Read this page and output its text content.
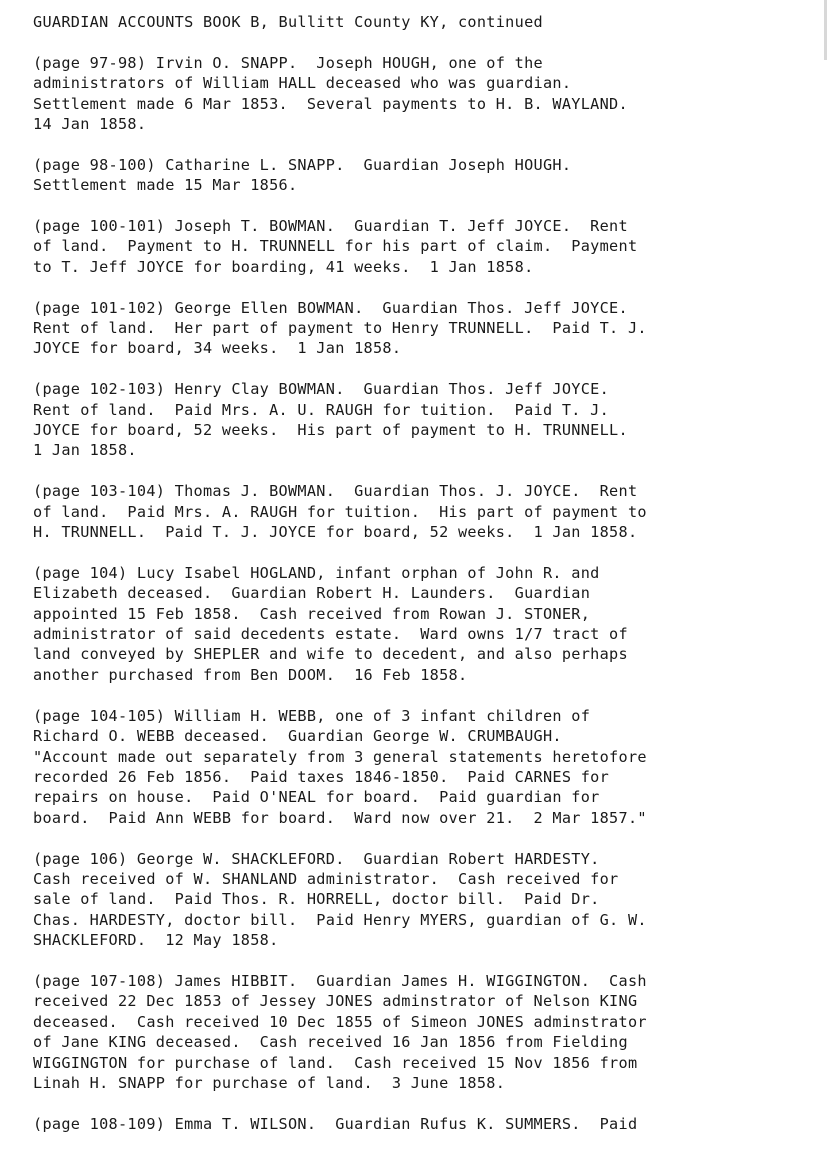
GUARDIAN ACCOUNTS BOOK B, Bullitt County KY, continued
(page 97-98) Irvin O. SNAPP.  Joseph HOUGH, one of the
administrators of William HALL deceased who was guardian.
Settlement made 6 Mar 1853.  Several payments to H. B. WAYLAND.
14 Jan 1858.
(page 98-100) Catharine L. SNAPP.  Guardian Joseph HOUGH.
Settlement made 15 Mar 1856.
(page 100-101) Joseph T. BOWMAN.  Guardian T. Jeff JOYCE.  Rent
of land.  Payment to H. TRUNNELL for his part of claim.  Payment
to T. Jeff JOYCE for boarding, 41 weeks.  1 Jan 1858.
(page 101-102) George Ellen BOWMAN.  Guardian Thos. Jeff JOYCE.
Rent of land.  Her part of payment to Henry TRUNNELL.  Paid T. J.
JOYCE for board, 34 weeks.  1 Jan 1858.
(page 102-103) Henry Clay BOWMAN.  Guardian Thos. Jeff JOYCE.
Rent of land.  Paid Mrs. A. U. RAUGH for tuition.  Paid T. J.
JOYCE for board, 52 weeks.  His part of payment to H. TRUNNELL.
1 Jan 1858.
(page 103-104) Thomas J. BOWMAN.  Guardian Thos. J. JOYCE.  Rent
of land.  Paid Mrs. A. RAUGH for tuition.  His part of payment to
H. TRUNNELL.  Paid T. J. JOYCE for board, 52 weeks.  1 Jan 1858.
(page 104) Lucy Isabel HOGLAND, infant orphan of John R. and
Elizabeth deceased.  Guardian Robert H. Launders.  Guardian
appointed 15 Feb 1858.  Cash received from Rowan J. STONER,
administrator of said decedents estate.  Ward owns 1/7 tract of
land conveyed by SHEPLER and wife to decedent, and also perhaps
another purchased from Ben DOOM.  16 Feb 1858.
(page 104-105) William H. WEBB, one of 3 infant children of
Richard O. WEBB deceased.  Guardian George W. CRUMBAUGH.
"Account made out separately from 3 general statements heretofore
recorded 26 Feb 1856.  Paid taxes 1846-1850.  Paid CARNES for
repairs on house.  Paid O'NEAL for board.  Paid guardian for
board.  Paid Ann WEBB for board.  Ward now over 21.  2 Mar 1857."
(page 106) George W. SHACKLEFORD.  Guardian Robert HARDESTY.
Cash received of W. SHANLAND administrator.  Cash received for
sale of land.  Paid Thos. R. HORRELL, doctor bill.  Paid Dr.
Chas. HARDESTY, doctor bill.  Paid Henry MYERS, guardian of G. W.
SHACKLEFORD.  12 May 1858.
(page 107-108) James HIBBIT.  Guardian James H. WIGGINGTON.  Cash
received 22 Dec 1853 of Jessey JONES adminstrator of Nelson KING
deceased.  Cash received 10 Dec 1855 of Simeon JONES adminstrator
of Jane KING deceased.  Cash received 16 Jan 1856 from Fielding
WIGGINGTON for purchase of land.  Cash received 15 Nov 1856 from
Linah H. SNAPP for purchase of land.  3 June 1858.
(page 108-109) Emma T. WILSON.  Guardian Rufus K. SUMMERS.  Paid
